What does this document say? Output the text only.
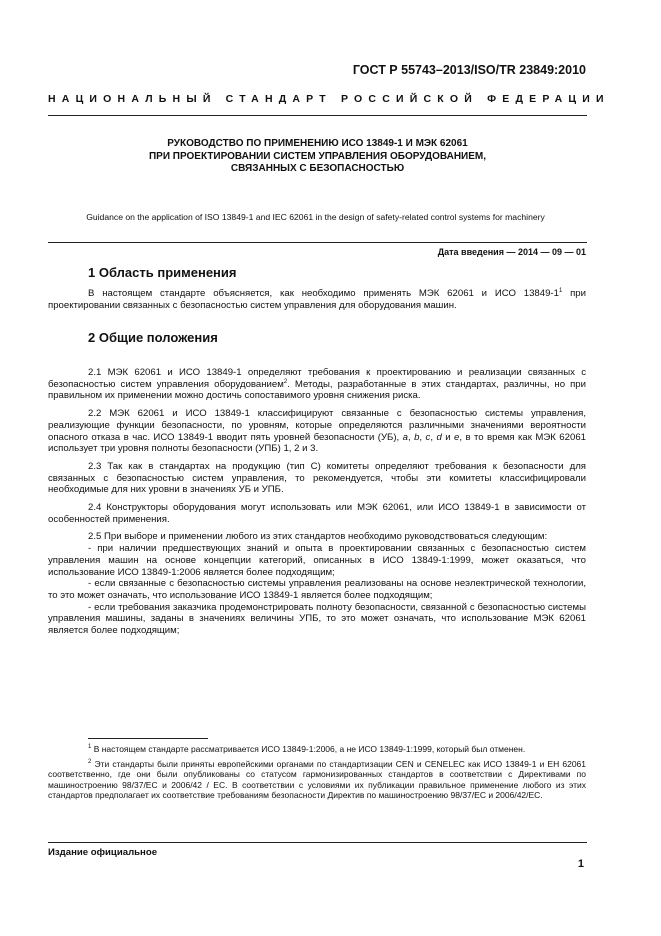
ГОСТ Р 55743–2013/ISO/TR 23849:2010
НАЦИОНАЛЬНЫЙ СТАНДАРТ РОССИЙСКОЙ ФЕДЕРАЦИИ
РУКОВОДСТВО ПО ПРИМЕНЕНИЮ ИСО 13849-1 И МЭК 62061
ПРИ ПРОЕКТИРОВАНИИ СИСТЕМ УПРАВЛЕНИЯ ОБОРУДОВАНИЕМ,
СВЯЗАННЫХ С БЕЗОПАСНОСТЬЮ
Guidance on the application of ISO 13849-1 and IEC 62061 in the design of safety-related control systems for machinery
Дата введения — 2014 — 09 — 01
1 Область применения

В настоящем стандарте объясняется, как необходимо применять МЭК 62061 и ИСО $13849-1^1$ при проектировании связанных с безопасностью систем управления для оборудования машин.

2 Общие положения

2.1 МЭК 62061 и ИСО 13849-1 определяют требования к проектированию и реализации связанных с безопасностью систем управления оборудованием$^2$. Методы, разработанные в этих стандартах, различны, но при правильном их применении можно достичь сопоставимого уровня снижения риска.

2.2 МЭК 62061 и ИСО 13849-1 классифицируют связанные с безопасностью системы управления, реализующие функции безопасности, по уровням, которые определяются различными значениями вероятности опасного отказа в час. ИСО 13849-1 вводит пять уровней безопасности (УБ), a, b, c, d и e, в то время как МЭК 62061 использует три уровня полноты безопасности (УПБ) 1, 2 и 3.

2.3 Так как в стандартах на продукцию (тип С) комитеты определяют требования к безопасности для связанных с безопасностью систем управления, то рекомендуется, чтобы эти комитеты классифицировали необходимые для них уровни в значениях УБ и УПБ.

2.4 Конструкторы оборудования могут использовать или МЭК 62061, или ИСО 13849-1 в зависимости от особенностей применения.

2.5 При выборе и применении любого из этих стандартов необходимо руководствоваться следующим:

- при наличии предшествующих знаний и опыта в проектировании связанных с безопасностью систем управления машин на основе концепции категорий, описанных в ИСО 13849-1:1999, может оказаться, что использование ИСО 13849-1:2006 является более подходящим;

- если связанные с безопасностью системы управления реализованы на основе неэлектрической технологии, то это может означать, что использование ИСО 13849-1 является более подходящим;

- если требования заказчика продемонстрировать полноту безопасности, связанной с безопасностью системы управления машины, заданы в значениях величины УПБ, то это может означать, что использование МЭК 62061 является более подходящим;

$^1$ В настоящем стандарте рассматривается ИСО 13849-1:2006, а не ИСО 13849-1:1999, который был отменен.

$^2$ Эти стандарты были приняты европейскими органами по стандартизации CEN и CENELEC как ИСО 13849-1 и ЕН 62061 соответственно, где они были опубликованы со статусом гармонизированных стандартов в соответствии с Директивами по машиностроению 98/37/ЕС и 2006/42 / ЕС. В соответствии с условиями их публикации правильное применение любого из этих стандартов предполагает их соответствие требованиям безопасности Директив по машиностроению 98/37/ЕС и 2006/42/ЕС.

Издание официальное
1
